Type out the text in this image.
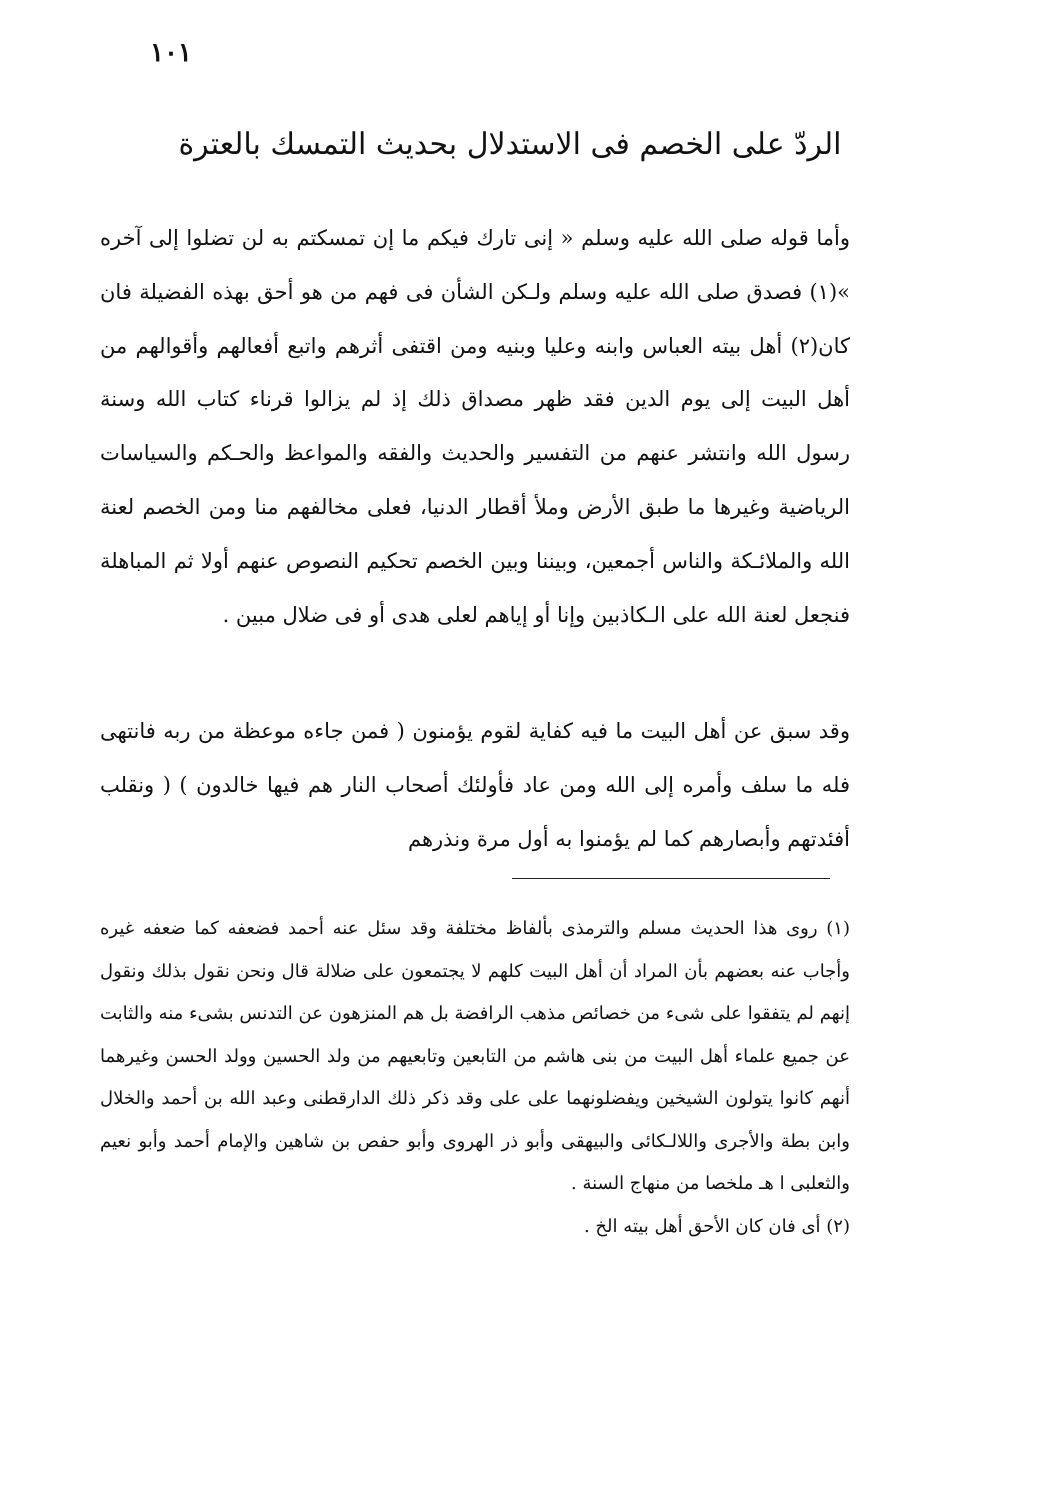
١٠١
الردّ على الخصم فى الاستدلال بحديث التمسك بالعترة

وأما قوله صلى الله عليه وسلم « إنى تارك فيكم ما إن تمسكتم به لن تضلوا إلى آخره »(١) فصدق صلى الله عليه وسلم ولـكن الشأن فى فهم من هو أحق بهذه الفضيلة فان كان(٢) أهل بيته العباس وابنه وعليا وبنيه ومن اقتفى أثرهم واتبع أفعالهم وأقوالهم من أهل البيت إلى يوم الدين فقد ظهر مصداق ذلك إذ لم يزالوا قرناء كتاب الله وسنة رسول الله وانتشر عنهم من التفسير والحديث والفقه والمواعظ والحـكم والسياسات الرياضية وغيرها ما طبق الأرض وملأ أقطار الدنيا، فعلى مخالفهم منا ومن الخصم لعنة الله والملائـكة والناس أجمعين، وبيننا وبين الخصم تحكيم النصوص عنهم أولا ثم المباهلة فنجعل لعنة الله على الـكاذبين وإنا أو إياهم لعلى هدى أو فى ضلال مبين .

وقد سبق عن أهل البيت ما فيه كفاية لقوم يؤمنون ( فمن جاءه موعظة من ربه فانتهى فله ما سلف وأمره إلى الله ومن عاد فأولئك أصحاب النار هم فيها خالدون ) ( ونقلب أفئدتهم وأبصارهم كما لم يؤمنوا به أول مرة ونذرهم

(١) روى هذا الحديث مسلم والترمذى بألفاظ مختلفة وقد سئل عنه أحمد فضعفه كما ضعفه غيره وأجاب عنه بعضهم بأن المراد أن أهل البيت كلهم لا يجتمعون على ضلالة قال ونحن نقول بذلك ونقول إنهم لم يتفقوا على شىء من خصائص مذهب الرافضة بل هم المنزهون عن التدنس بشىء منه والثابت عن جميع علماء أهل البيت من بنى هاشم من التابعين وتابعيهم من ولد الحسين وولد الحسن وغيرهما أنهم كانوا يتولون الشيخين ويفضلونهما على على وقد ذكر ذلك الدارقطنى وعبد الله بن أحمد والخلال وابن بطة والأجرى واللالـكائى والبيهقى وأبو ذر الهروى وأبو حفص بن شاهين والإمام أحمد وأبو نعيم والثعلبى ا هـ ملخصا من منهاج السنة .

(٢) أى فان كان الأحق أهل بيته الخ .
